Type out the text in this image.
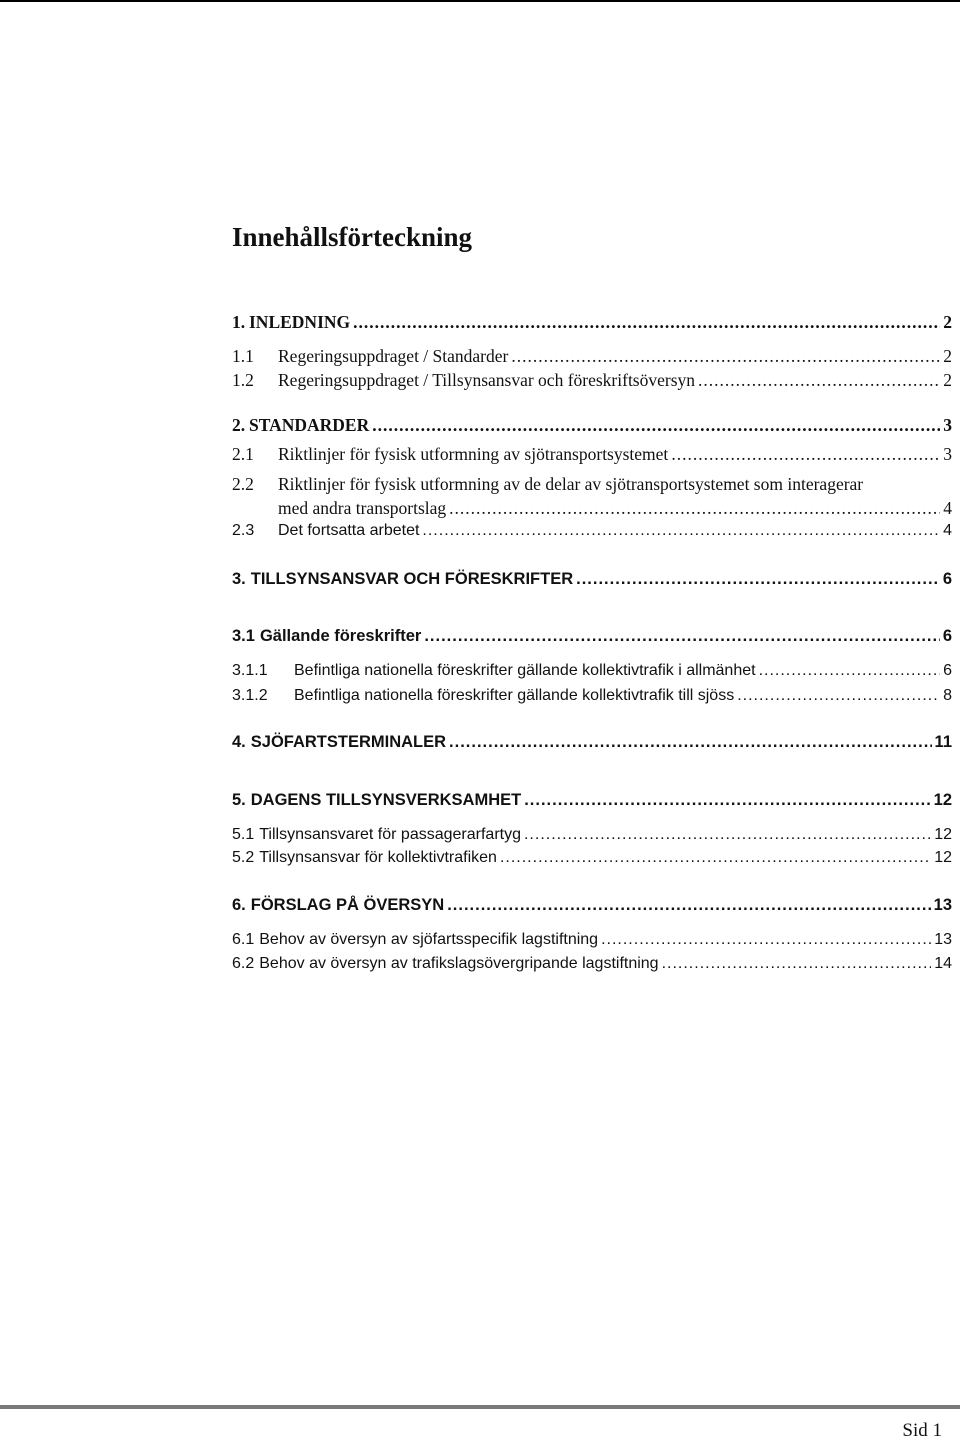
Innehållsförteckning
1. INLEDNING .....	2
1.1	Regeringsuppdraget / Standarder .....	2
1.2	Regeringsuppdraget / Tillsynsansvar och föreskriftsöversyn .....	2
2. STANDARDER .....	3
2.1	Riktlinjer för fysisk utformning av sjötransportsystemet .....	3
2.2	Riktlinjer för fysisk utformning av de delar av sjötransportsystemet som interagerar
med andra transportslag .....	4
2.3	Det fortsatta arbetet .....	4
3. TILLSYNSANSVAR OCH FÖRESKRIFTER .....	6
3.1 Gällande föreskrifter .....	6
3.1.1	Befintliga nationella föreskrifter gällande kollektivtrafik i allmänhet .....	6
3.1.2	Befintliga nationella föreskrifter gällande kollektivtrafik till sjöss .....	8
4. SJÖFARTSTERMINALER .....	11
5. DAGENS TILLSYNSVERKSAMHET .....	12
5.1 Tillsynsansvaret för passagerarfartyg .....	12
5.2 Tillsynsansvar för kollektivtrafiken .....	12
6. FÖRSLAG PÅ ÖVERSYN .....	13
6.1 Behov av översyn av sjöfartsspecifik lagstiftning .....	13
6.2 Behov av översyn av trafikslagsövergripande lagstiftning .....	14
Sid 1
